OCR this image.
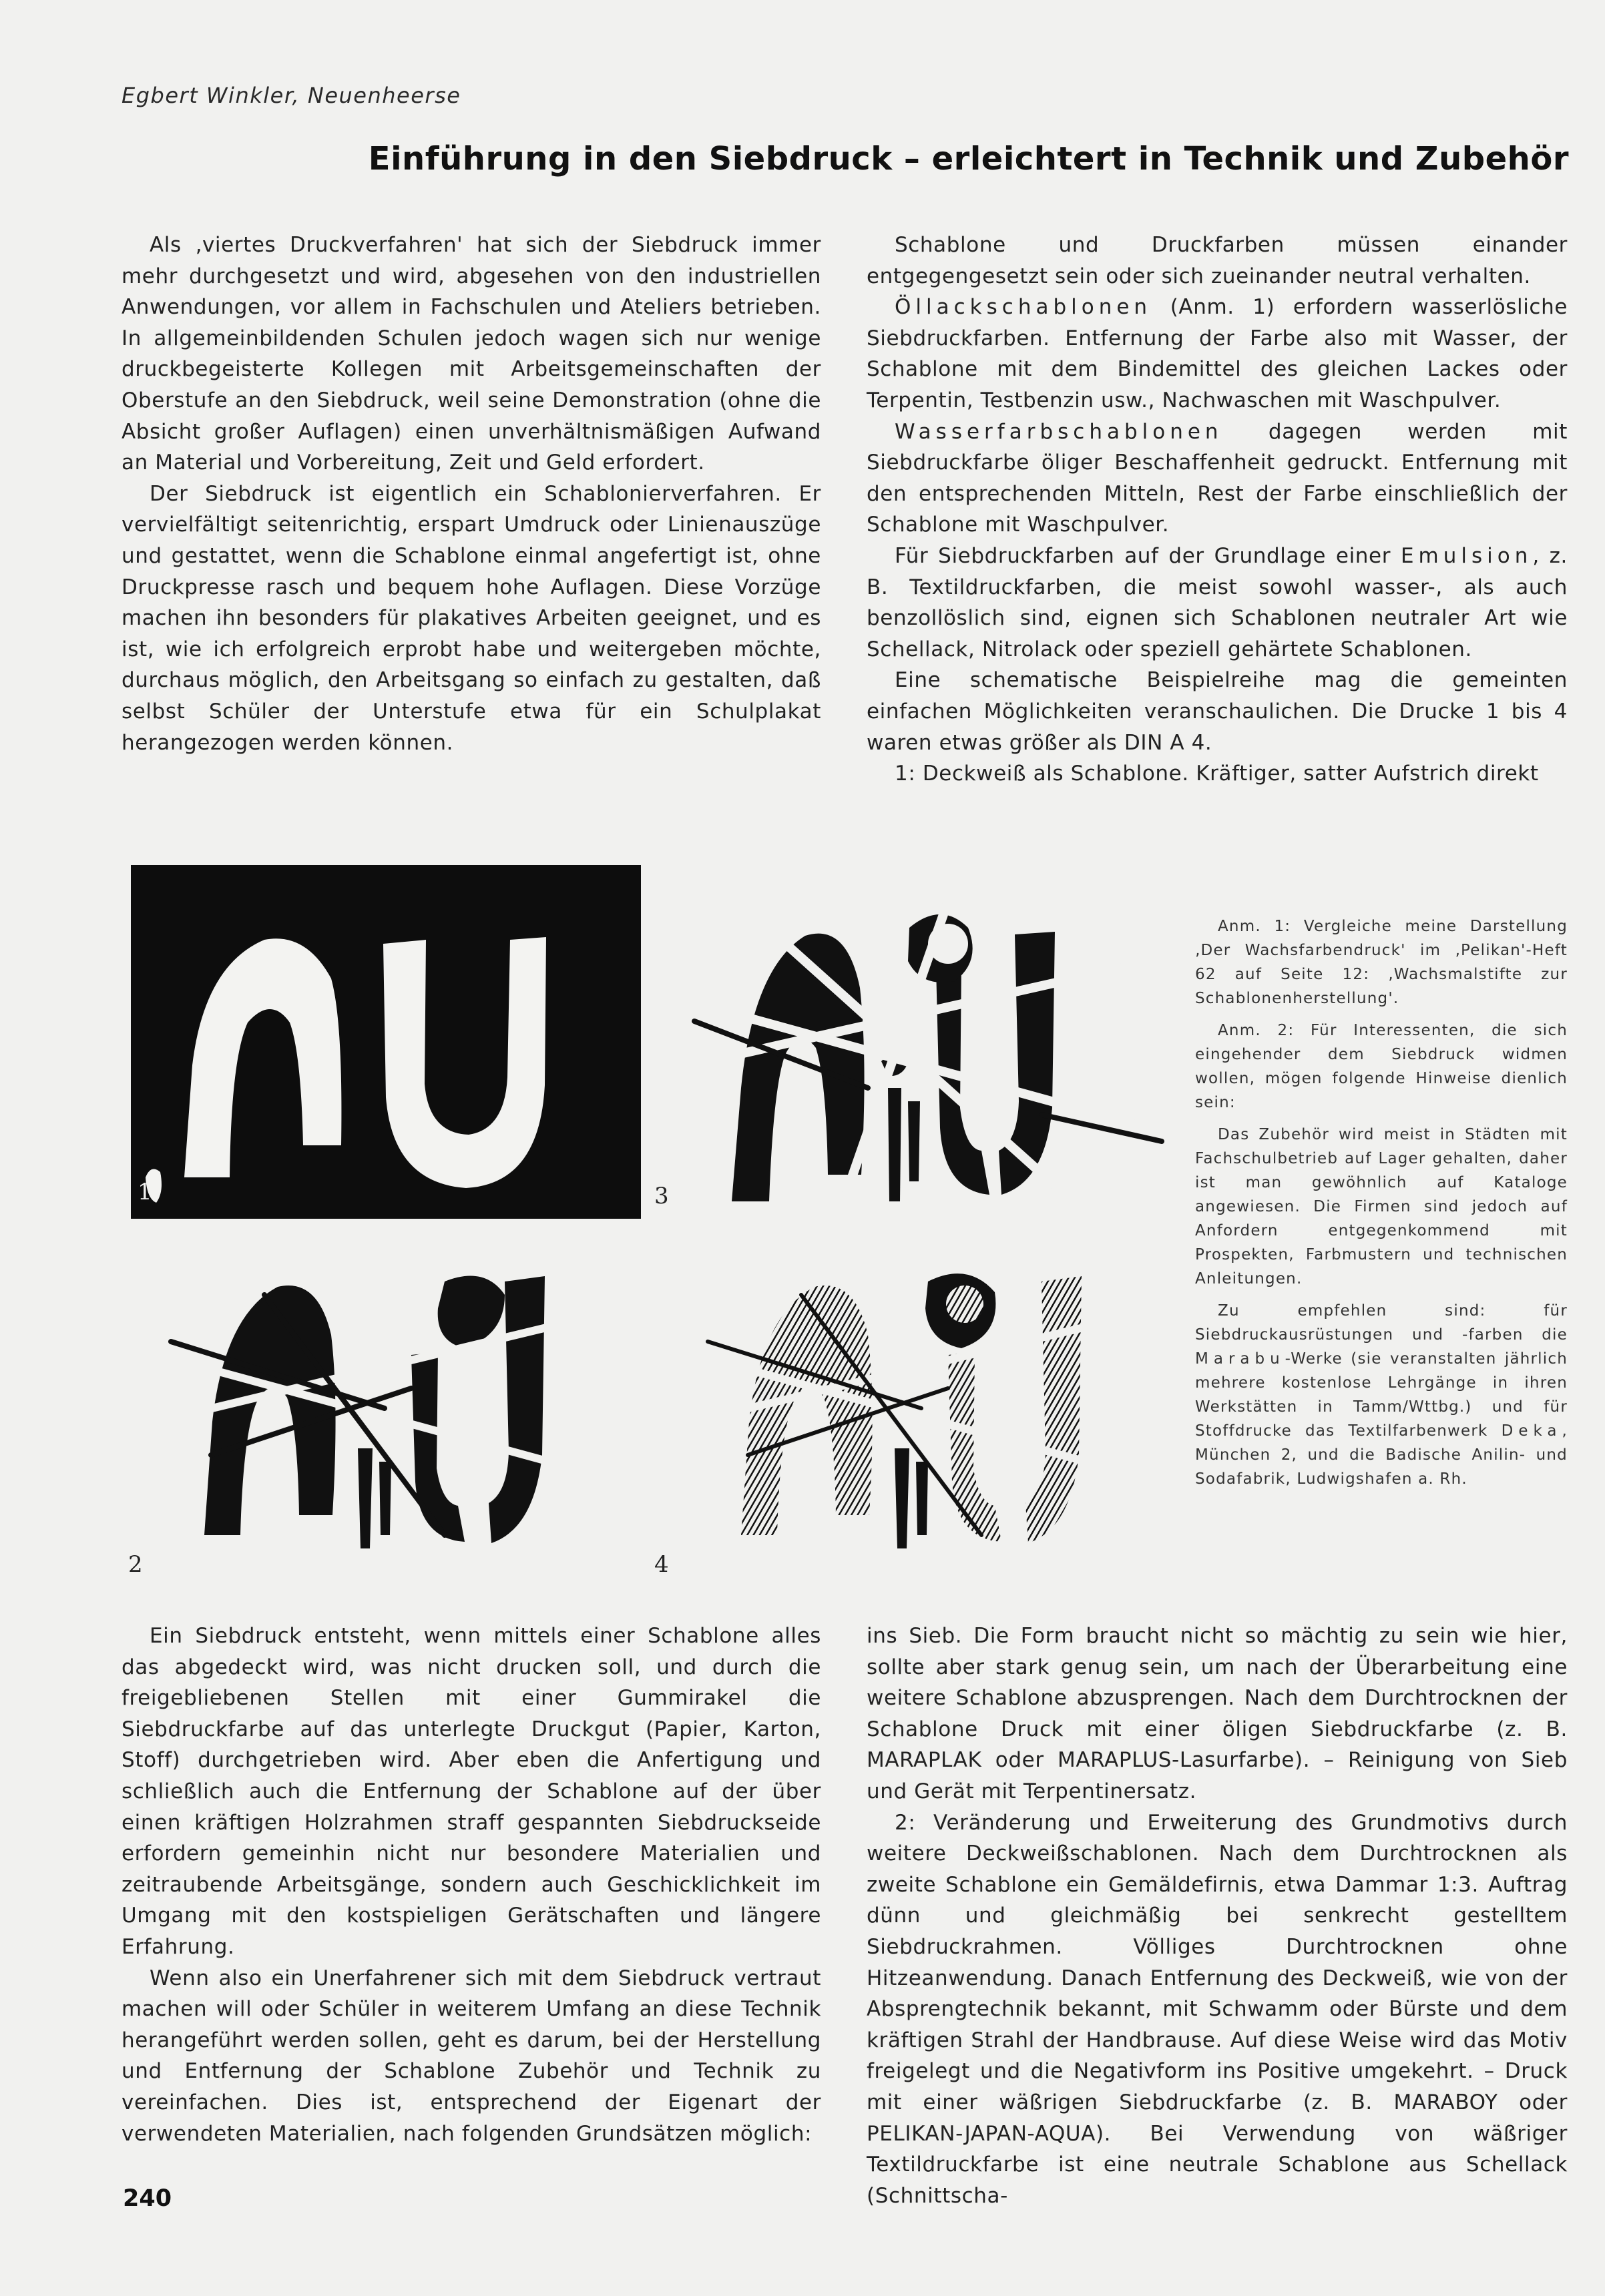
Egbert Winkler, Neuenheerse
Einführung in den Siebdruck – erleichtert in Technik und Zubehör

Als ‚viertes Druckverfahren' hat sich der Siebdruck immer mehr durchgesetzt und wird, abgesehen von den industriellen Anwendungen, vor allem in Fachschulen und Ateliers betrieben. In allgemeinbildenden Schulen jedoch wagen sich nur wenige druckbegeisterte Kollegen mit Arbeitsgemeinschaften der Oberstufe an den Siebdruck, weil seine Demonstration (ohne die Absicht großer Auflagen) einen unverhältnismäßigen Aufwand an Material und Vorbereitung, Zeit und Geld erfordert.

Der Siebdruck ist eigentlich ein Schablonierverfahren. Er vervielfältigt seitenrichtig, erspart Umdruck oder Linienauszüge und gestattet, wenn die Schablone einmal angefertigt ist, ohne Druckpresse rasch und bequem hohe Auflagen. Diese Vorzüge machen ihn besonders für plakatives Arbeiten geeignet, und es ist, wie ich erfolgreich erprobt habe und weitergeben möchte, durchaus möglich, den Arbeitsgang so einfach zu gestalten, daß selbst Schüler der Unterstufe etwa für ein Schulplakat herangezogen werden können.

Schablone und Druckfarben müssen einander entgegengesetzt sein oder sich zueinander neutral verhalten.

Öllackschablonen (Anm. 1) erfordern wasserlösliche Siebdruckfarben. Entfernung der Farbe also mit Wasser, der Schablone mit dem Bindemittel des gleichen Lackes oder Terpentin, Testbenzin usw., Nachwaschen mit Waschpulver.

Wasserfarbschablonen dagegen werden mit Siebdruckfarbe öliger Beschaffenheit gedruckt. Entfernung mit den entsprechenden Mitteln, Rest der Farbe einschließlich der Schablone mit Waschpulver.

Für Siebdruckfarben auf der Grundlage einer Emulsion, z. B. Textildruckfarben, die meist sowohl wasser-, als auch benzollöslich sind, eignen sich Schablonen neutraler Art wie Schellack, Nitrolack oder speziell gehärtete Schablonen.

Eine schematische Beispielreihe mag die gemeinten einfachen Möglichkeiten veranschaulichen. Die Drucke 1 bis 4 waren etwas größer als DIN A 4.

1: Deckweiß als Schablone. Kräftiger, satter Aufstrich direkt

3
2	4
1

Anm. 1: Vergleiche meine Darstellung ‚Der Wachsfarbendruck' im ‚Pelikan'-Heft 62 auf Seite 12: ‚Wachsmalstifte zur Schablonenherstellung'.

Anm. 2: Für Interessenten, die sich eingehender dem Siebdruck widmen wollen, mögen folgende Hinweise dienlich sein:

Das Zubehör wird meist in Städten mit Fachschulbetrieb auf Lager gehalten, daher ist man gewöhnlich auf Kataloge angewiesen. Die Firmen sind jedoch auf Anfordern entgegenkommend mit Prospekten, Farbmustern und technischen Anleitungen.

Zu empfehlen sind: für Siebdruckausrüstungen und -farben die Marabu-Werke (sie veranstalten jährlich mehrere kostenlose Lehrgänge in ihren Werkstätten in Tamm/Wttbg.) und für Stoffdrucke das Textilfarbenwerk Deka, München 2, und die Badische Anilin- und Sodafabrik, Ludwigshafen a. Rh.

Ein Siebdruck entsteht, wenn mittels einer Schablone alles das abgedeckt wird, was nicht drucken soll, und durch die freigebliebenen Stellen mit einer Gummirakel die Siebdruckfarbe auf das unterlegte Druckgut (Papier, Karton, Stoff) durchgetrieben wird. Aber eben die Anfertigung und schließlich auch die Entfernung der Schablone auf der über einen kräftigen Holzrahmen straff gespannten Siebdruckseide erfordern gemeinhin nicht nur besondere Materialien und zeitraubende Arbeitsgänge, sondern auch Geschicklichkeit im Umgang mit den kostspieligen Gerätschaften und längere Erfahrung.

Wenn also ein Unerfahrener sich mit dem Siebdruck vertraut machen will oder Schüler in weiterem Umfang an diese Technik herangeführt werden sollen, geht es darum, bei der Herstellung und Entfernung der Schablone Zubehör und Technik zu vereinfachen. Dies ist, entsprechend der Eigenart der verwendeten Materialien, nach folgenden Grundsätzen möglich:

ins Sieb. Die Form braucht nicht so mächtig zu sein wie hier, sollte aber stark genug sein, um nach der Überarbeitung eine weitere Schablone abzusprengen. Nach dem Durchtrocknen der Schablone Druck mit einer öligen Siebdruckfarbe (z. B. MARAPLAK oder MARAPLUS-Lasurfarbe). – Reinigung von Sieb und Gerät mit Terpentinersatz.

2: Veränderung und Erweiterung des Grundmotivs durch weitere Deckweißschablonen. Nach dem Durchtrocknen als zweite Schablone ein Gemäldefirnis, etwa Dammar 1:3. Auftrag dünn und gleichmäßig bei senkrecht gestelltem Siebdruckrahmen. Völliges Durchtrocknen ohne Hitzeanwendung. Danach Entfernung des Deckweiß, wie von der Absprengtechnik bekannt, mit Schwamm oder Bürste und dem kräftigen Strahl der Handbrause. Auf diese Weise wird das Motiv freigelegt und die Negativform ins Positive umgekehrt. – Druck mit einer wäßrigen Siebdruckfarbe (z. B. MARABOY oder PELIKAN-JAPAN-AQUA). Bei Verwendung von wäßriger Textildruckfarbe ist eine neutrale Schablone aus Schellack (Schnittscha-

240
